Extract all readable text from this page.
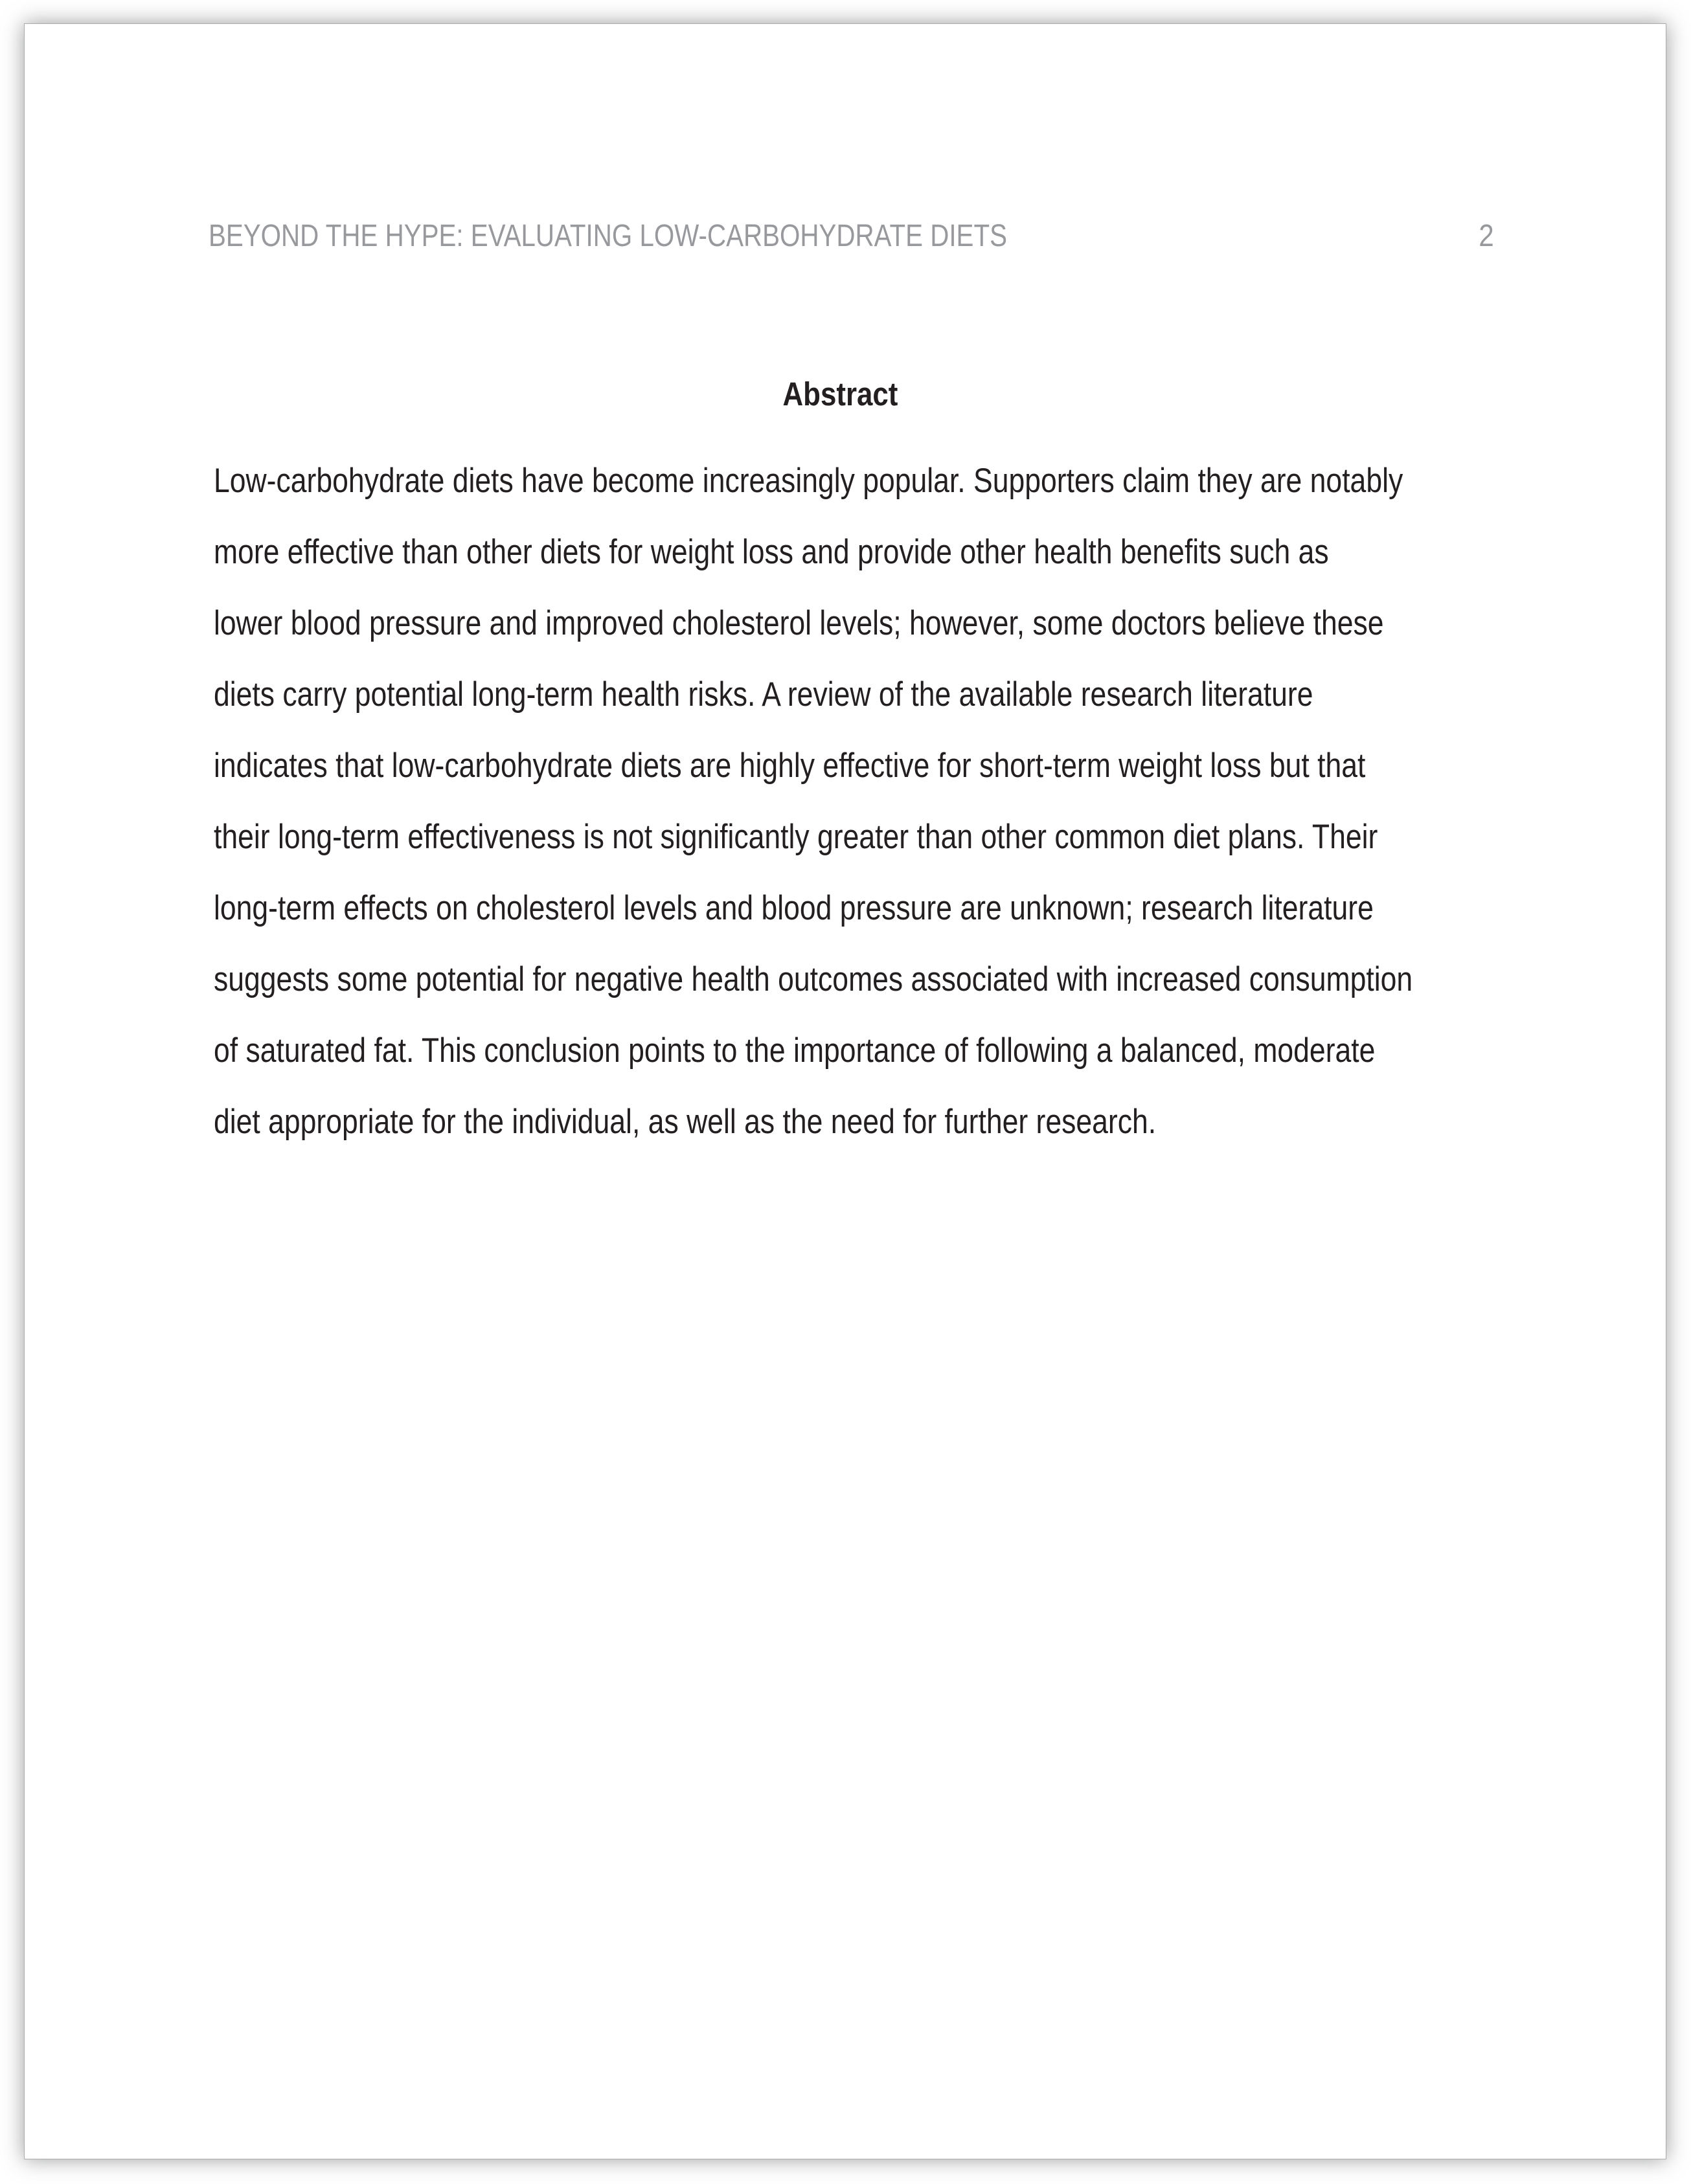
BEYOND THE HYPE: EVALUATING LOW-CARBOHYDRATE DIETS	2
Abstract
Low-carbohydrate diets have become increasingly popular. Supporters claim they are notably
more effective than other diets for weight loss and provide other health benefits such as
lower blood pressure and improved cholesterol levels; however, some doctors believe these
diets carry potential long-term health risks. A review of the available research literature
indicates that low-carbohydrate diets are highly effective for short-term weight loss but that
their long-term effectiveness is not significantly greater than other common diet plans. Their
long-term effects on cholesterol levels and blood pressure are unknown; research literature
suggests some potential for negative health outcomes associated with increased consumption
of saturated fat. This conclusion points to the importance of following a balanced, moderate
diet appropriate for the individual, as well as the need for further research.
